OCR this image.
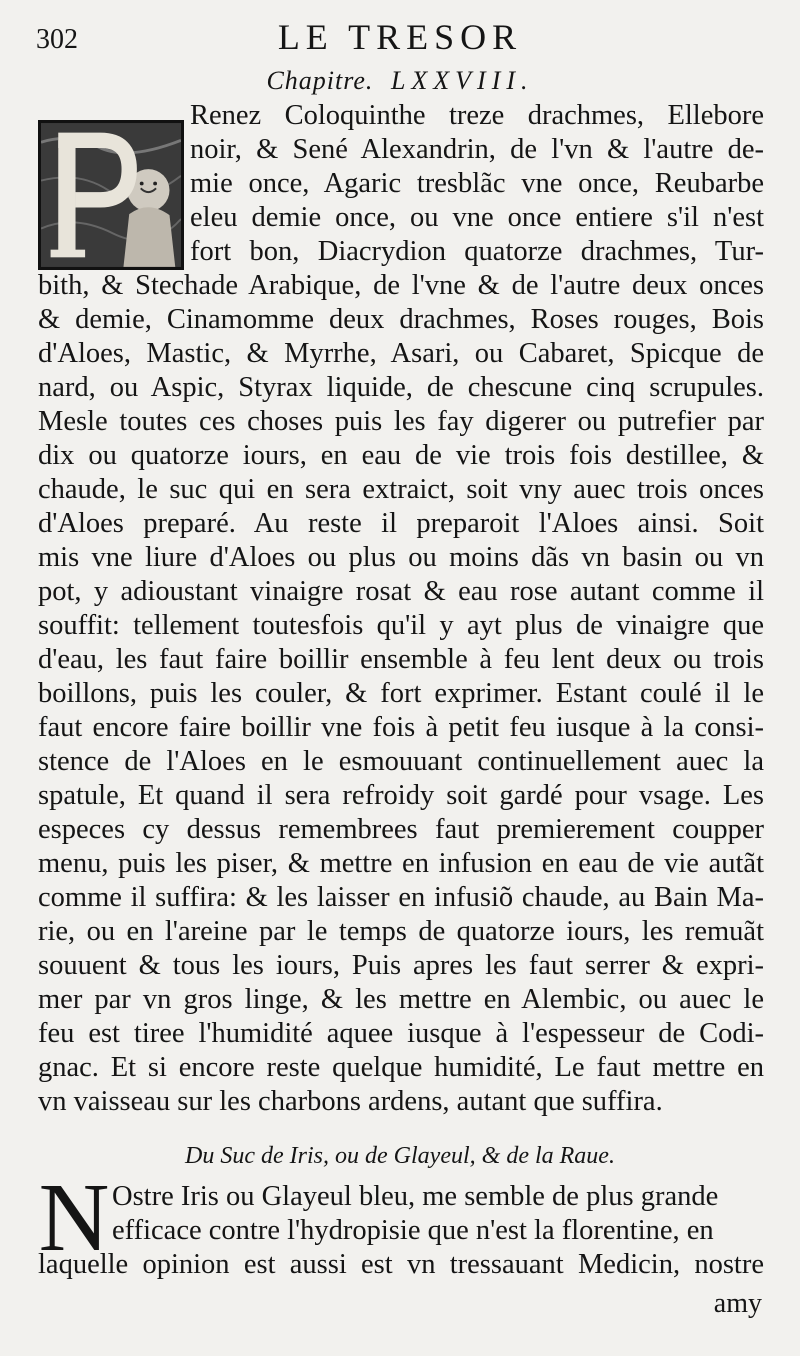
302	LE TRESOR
Chapitre. LXXVIII.
Renez Coloquinthe treze drachmes, Ellebore
noir, & Sené Alexandrin, de l'vn & l'autre de-
mie once, Agaric tresblãc vne once, Reubarbe
eleu demie once, ou vne once entiere s'il n'est
fort bon, Diacrydion quatorze drachmes, Tur-
bith, & Stechade Arabique, de l'vne & de l'autre deux onces
& demie, Cinamomme deux drachmes, Roses rouges, Bois
d'Aloes, Mastic, & Myrrhe, Asari, ou Cabaret, Spicque de
nard, ou Aspic, Styrax liquide, de chescune cinq scrupules.
Mesle toutes ces choses puis les fay digerer ou putrefier par
dix ou quatorze iours, en eau de vie trois fois destillee, &
chaude, le suc qui en sera extraict, soit vny auec trois onces
d'Aloes preparé. Au reste il preparoit l'Aloes ainsi. Soit
mis vne liure d'Aloes ou plus ou moins dãs vn basin ou vn
pot, y adioustant vinaigre rosat & eau rose autant comme il
souffit: tellement toutesfois qu'il y ayt plus de vinaigre que
d'eau, les faut faire boillir ensemble à feu lent deux ou trois
boillons, puis les couler, & fort exprimer. Estant coulé il le
faut encore faire boillir vne fois à petit feu iusque à la consi-
stence de l'Aloes en le esmouuant continuellement auec la
spatule, Et quand il sera refroidy soit gardé pour vsage. Les
especes cy dessus remembrees faut premierement coupper
menu, puis les piser, & mettre en infusion en eau de vie autãt
comme il suffira: & les laisser en infusiõ chaude, au Bain Ma-
rie, ou en l'areine par le temps de quatorze iours, les remuãt
souuent & tous les iours, Puis apres les faut serrer & expri-
mer par vn gros linge, & les mettre en Alembic, ou auec le
feu est tiree l'humidité aquee iusque à l'espesseur de Codi-
gnac. Et si encore reste quelque humidité, Le faut mettre en
vn vaisseau sur les charbons ardens, autant que suffira.
Du Suc de Iris, ou de Glayeul, & de la Raue.
N Ostre Iris ou Glayeul bleu, me semble de plus grande
efficace contre l'hydropisie que n'est la florentine, en
laquelle opinion est aussi est vn tressauant Medicin, nostre
amy
